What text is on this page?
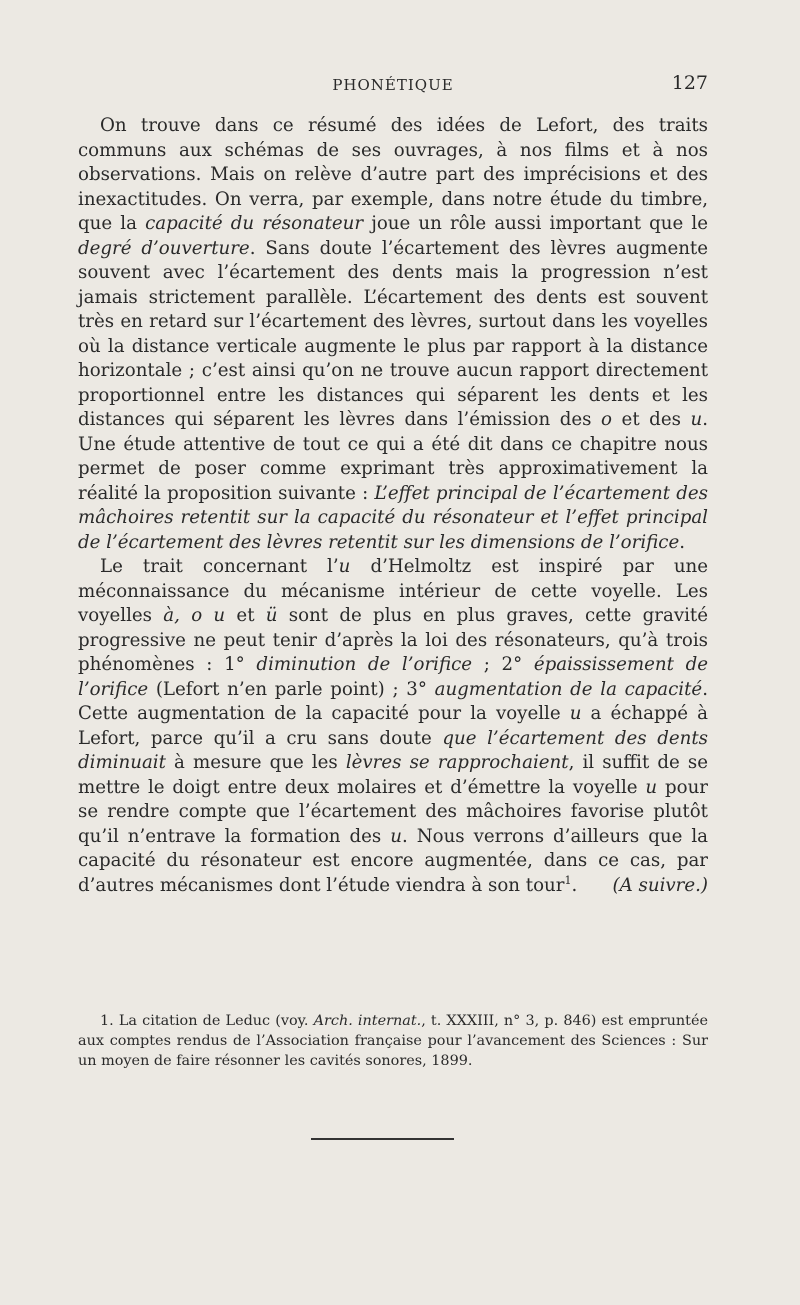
PHONÉTIQUE	127

On trouve dans ce résumé des idées de Lefort, des traits communs aux schémas de ses ouvrages, à nos films et à nos observations. Mais on relève d’autre part des imprécisions et des inexactitudes. On verra, par exemple, dans notre étude du timbre, que la capacité du résonateur joue un rôle aussi important que le degré d’ouverture. Sans doute l’écartement des lèvres augmente souvent avec l’écartement des dents mais la progression n’est jamais strictement parallèle. L’écartement des dents est souvent très en retard sur l’écartement des lèvres, surtout dans les voyelles où la distance verticale augmente le plus par rapport à la distance horizontale ; c’est ainsi qu’on ne trouve aucun rapport directement proportionnel entre les distances qui séparent les dents et les distances qui séparent les lèvres dans l’émission des o et des u. Une étude attentive de tout ce qui a été dit dans ce chapitre nous permet de poser comme exprimant très approximativement la réalité la proposition suivante : L’effet principal de l’écartement des mâchoires retentit sur la capacité du résonateur et l’effet principal de l’écartement des lèvres retentit sur les dimensions de l’orifice.

Le trait concernant l’u d’Helmoltz est inspiré par une méconnaissance du mécanisme intérieur de cette voyelle. Les voyelles à, o u et ü sont de plus en plus graves, cette gravité progressive ne peut tenir d’après la loi des résonateurs, qu’à trois phénomènes : 1° diminution de l’orifice ; 2° épaississement de l’orifice (Lefort n’en parle point) ; 3° augmentation de la capacité. Cette augmentation de la capacité pour la voyelle u a échappé à Lefort, parce qu’il a cru sans doute que l’écartement des dents diminuait à mesure que les lèvres se rapprochaient, il suffit de se mettre le doigt entre deux molaires et d’émettre la voyelle u pour se rendre compte que l’écartement des mâchoires favorise plutôt qu’il n’entrave la formation des u. Nous verrons d’ailleurs que la capacité du résonateur est encore augmentée, dans ce cas, par d’autres mécanismes dont l’étude viendra à son tour$^1$.	(A suivre.)

1. La citation de Leduc (voy. Arch. internat., t. XXXIII, n° 3, p. 846) est empruntée aux comptes rendus de l’Association française pour l’avancement des Sciences : Sur un moyen de faire résonner les cavités sonores, 1899.
